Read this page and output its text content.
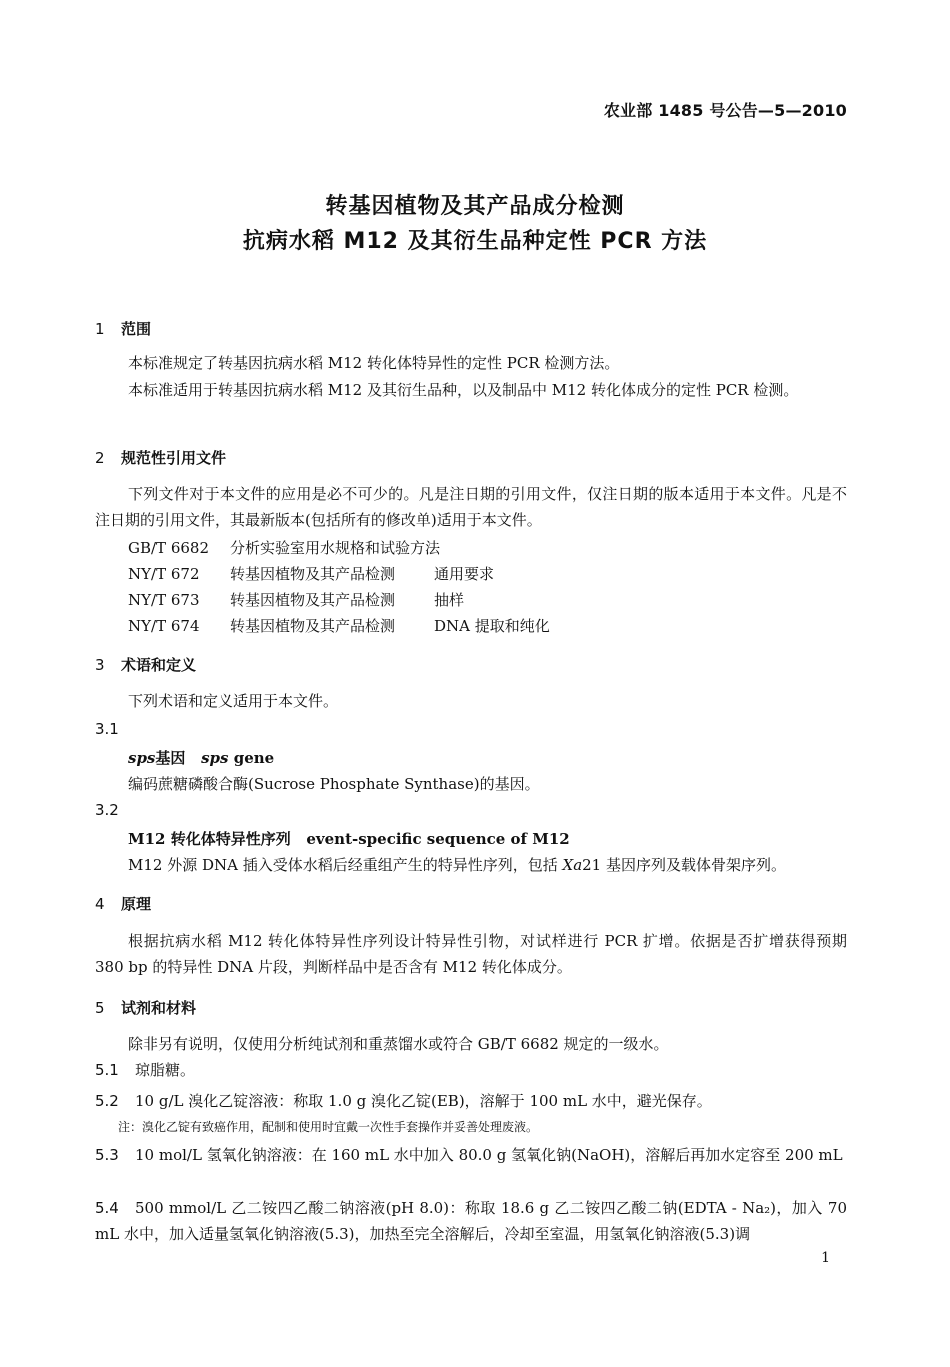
农业部 1485 号公告—5—2010
转基因植物及其产品成分检测
抗病水稻 M12 及其衍生品种定性 PCR 方法
1 范围
本标准规定了转基因抗病水稻 M12 转化体特异性的定性 PCR 检测方法。
本标准适用于转基因抗病水稻 M12 及其衍生品种，以及制品中 M12 转化体成分的定性 PCR 检测。
2 规范性引用文件
下列文件对于本文件的应用是必不可少的。凡是注日期的引用文件，仅注日期的版本适用于本文件。凡是不注日期的引用文件，其最新版本(包括所有的修改单)适用于本文件。
GB/T 6682 分析实验室用水规格和试验方法
NY/T 672 转基因植物及其产品检测	通用要求
NY/T 673 转基因植物及其产品检测	抽样
NY/T 674 转基因植物及其产品检测	DNA 提取和纯化
3 术语和定义
下列术语和定义适用于本文件。
3.1
sps基因 sps gene
编码蔗糖磷酸合酶(Sucrose Phosphate Synthase)的基因。
3.2
M12 转化体特异性序列 event-specific sequence of M12
M12 外源 DNA 插入受体水稻后经重组产生的特异性序列，包括 Xa21 基因序列及载体骨架序列。
4 原理
根据抗病水稻 M12 转化体特异性序列设计特异性引物，对试样进行 PCR 扩增。依据是否扩增获得预期 380 bp 的特异性 DNA 片段，判断样品中是否含有 M12 转化体成分。
5 试剂和材料
除非另有说明，仅使用分析纯试剂和重蒸馏水或符合 GB/T 6682 规定的一级水。
5.1 琼脂糖。
5.2 10 g/L 溴化乙锭溶液：称取 1.0 g 溴化乙锭(EB)，溶解于 100 mL 水中，避光保存。
注：溴化乙锭有致癌作用，配制和使用时宜戴一次性手套操作并妥善处理废液。
5.3 10 mol/L 氢氧化钠溶液：在 160 mL 水中加入 80.0 g 氢氧化钠(NaOH)，溶解后再加水定容至 200 mL
5.4 500 mmol/L 乙二铵四乙酸二钠溶液(pH 8.0)：称取 18.6 g 乙二铵四乙酸二钠(EDTA - Na₂)，加入 70 mL 水中，加入适量氢氧化钠溶液(5.3)，加热至完全溶解后，冷却至室温，用氢氧化钠溶液(5.3)调
1
